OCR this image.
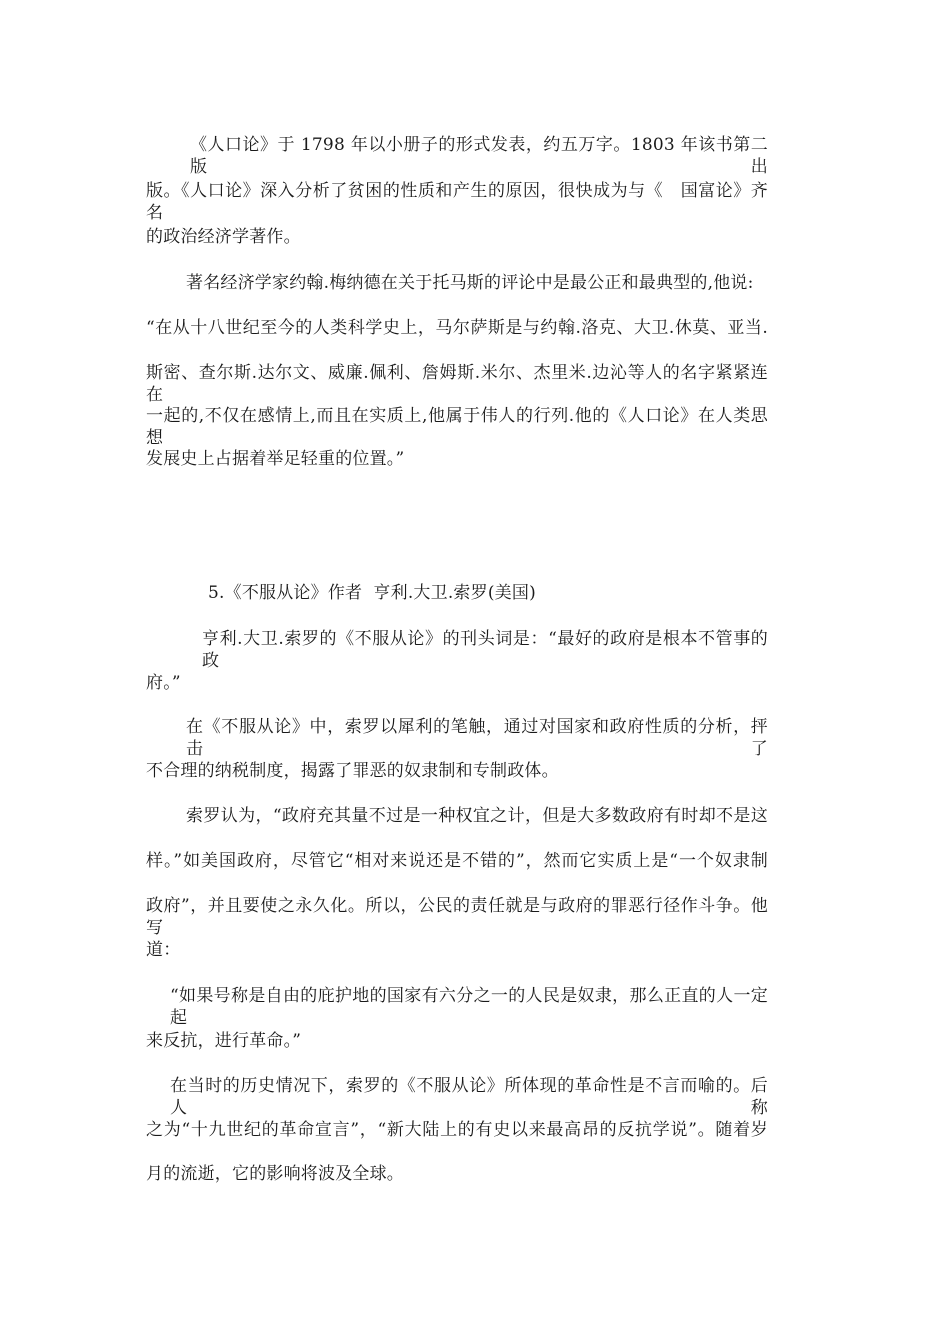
《人口论》于 1798 年以小册子的形式发表，约五万字。1803 年该书第二版出
版。《人口论》深入分析了贫困的性质和产生的原因，很快成为与《　国富论》齐名
的政治经济学著作。
著名经济学家约翰.梅纳德在关于托马斯的评论中是最公正和最典型的,他说:
“在从十八世纪至今的人类科学史上，马尔萨斯是与约翰.洛克、大卫.休莫、亚当.
斯密、查尔斯.达尔文、威廉.佩利、詹姆斯.米尔、杰里米.边沁等人的名字紧紧连在
一起的,不仅在感情上,而且在实质上,他属于伟人的行列.他的《人口论》在人类思想
发展史上占据着举足轻重的位置。”
5.《不服从论》作者  亨利.大卫.索罗(美国)
亨利.大卫.索罗的《不服从论》的刊头词是：“最好的政府是根本不管事的政
府。”
在《不服从论》中，索罗以犀利的笔触，通过对国家和政府性质的分析，抨击了
不合理的纳税制度，揭露了罪恶的奴隶制和专制政体。
索罗认为，“政府充其量不过是一种权宜之计，但是大多数政府有时却不是这
样。”如美国政府，尽管它“相对来说还是不错的”，然而它实质上是“一个奴隶制
政府”，并且要使之永久化。所以，公民的责任就是与政府的罪恶行径作斗争。他写
道：
“如果号称是自由的庇护地的国家有六分之一的人民是奴隶，那么正直的人一定起
来反抗，进行革命。”
在当时的历史情况下，索罗的《不服从论》所体现的革命性是不言而喻的。后人称
之为“十九世纪的革命宣言”，“新大陆上的有史以来最高昂的反抗学说”。随着岁
月的流逝，它的影响将波及全球。
